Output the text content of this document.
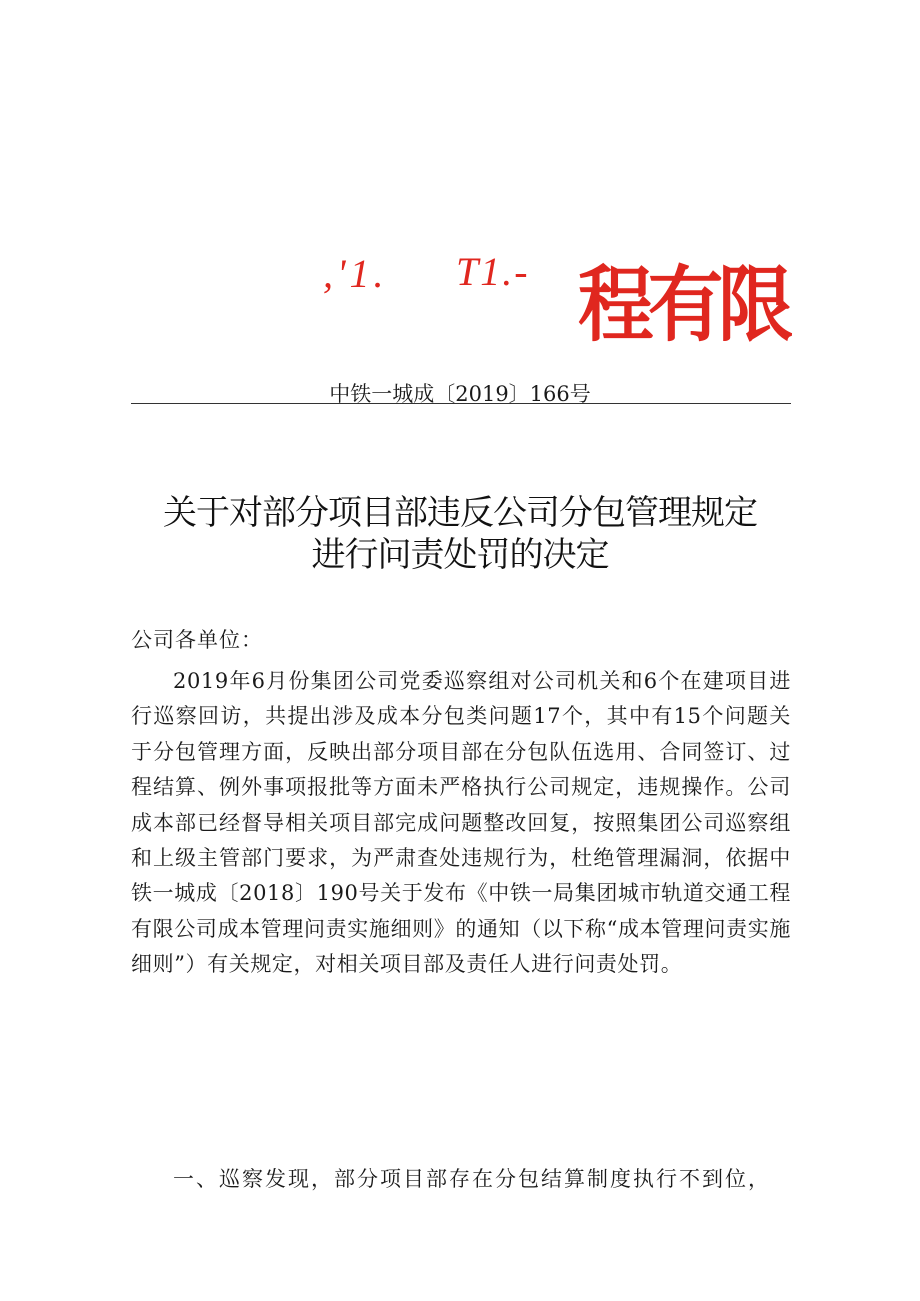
,'1. T1.- 程有限
中铁一城成〔2019〕166号
关于对部分项目部违反公司分包管理规定
进行问责处罚的决定
公司各单位：
2019年6月份集团公司党委巡察组对公司机关和6个在建项目进行巡察回访，共提出涉及成本分包类问题17个，其中有15个问题关于分包管理方面，反映出部分项目部在分包队伍选用、合同签订、过程结算、例外事项报批等方面未严格执行公司规定，违规操作。公司成本部已经督导相关项目部完成问题整改回复，按照集团公司巡察组和上级主管部门要求，为严肃查处违规行为，杜绝管理漏洞，依据中铁一城成〔2018〕190号关于发布《中铁一局集团城市轨道交通工程有限公司成本管理问责实施细则》的通知（以下称“成本管理问责实施细则”）有关规定，对相关项目部及责任人进行问责处罚。
一、巡察发现，部分项目部存在分包结算制度执行不到位，
